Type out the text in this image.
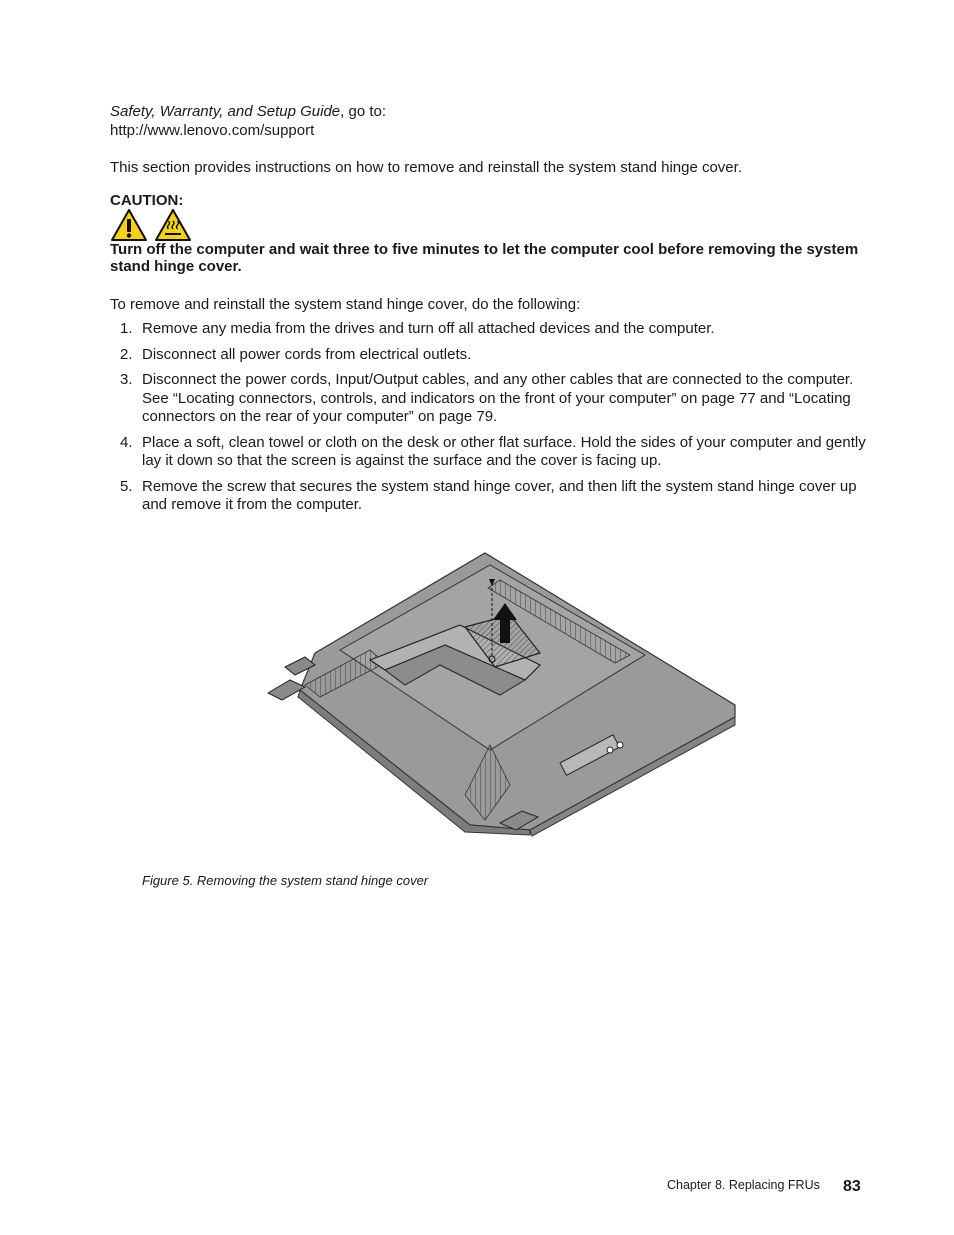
Safety, Warranty, and Setup Guide, go to:

http://www.lenovo.com/support

This section provides instructions on how to remove and reinstall the system stand hinge cover.

CAUTION:

Turn off the computer and wait three to five minutes to let the computer cool before removing the system stand hinge cover.

To remove and reinstall the system stand hinge cover, do the following:

1. Remove any media from the drives and turn off all attached devices and the computer.
2. Disconnect all power cords from electrical outlets.
3. Disconnect the power cords, Input/Output cables, and any other cables that are connected to the computer. See “Locating connectors, controls, and indicators on the front of your computer” on page 77 and “Locating connectors on the rear of your computer” on page 79.
4. Place a soft, clean towel or cloth on the desk or other flat surface. Hold the sides of your computer and gently lay it down so that the screen is against the surface and the cover is facing up.
5. Remove the screw that secures the system stand hinge cover, and then lift the system stand hinge cover up and remove it from the computer.

Figure 5. Removing the system stand hinge cover

Chapter 8. Replacing FRUs 83
